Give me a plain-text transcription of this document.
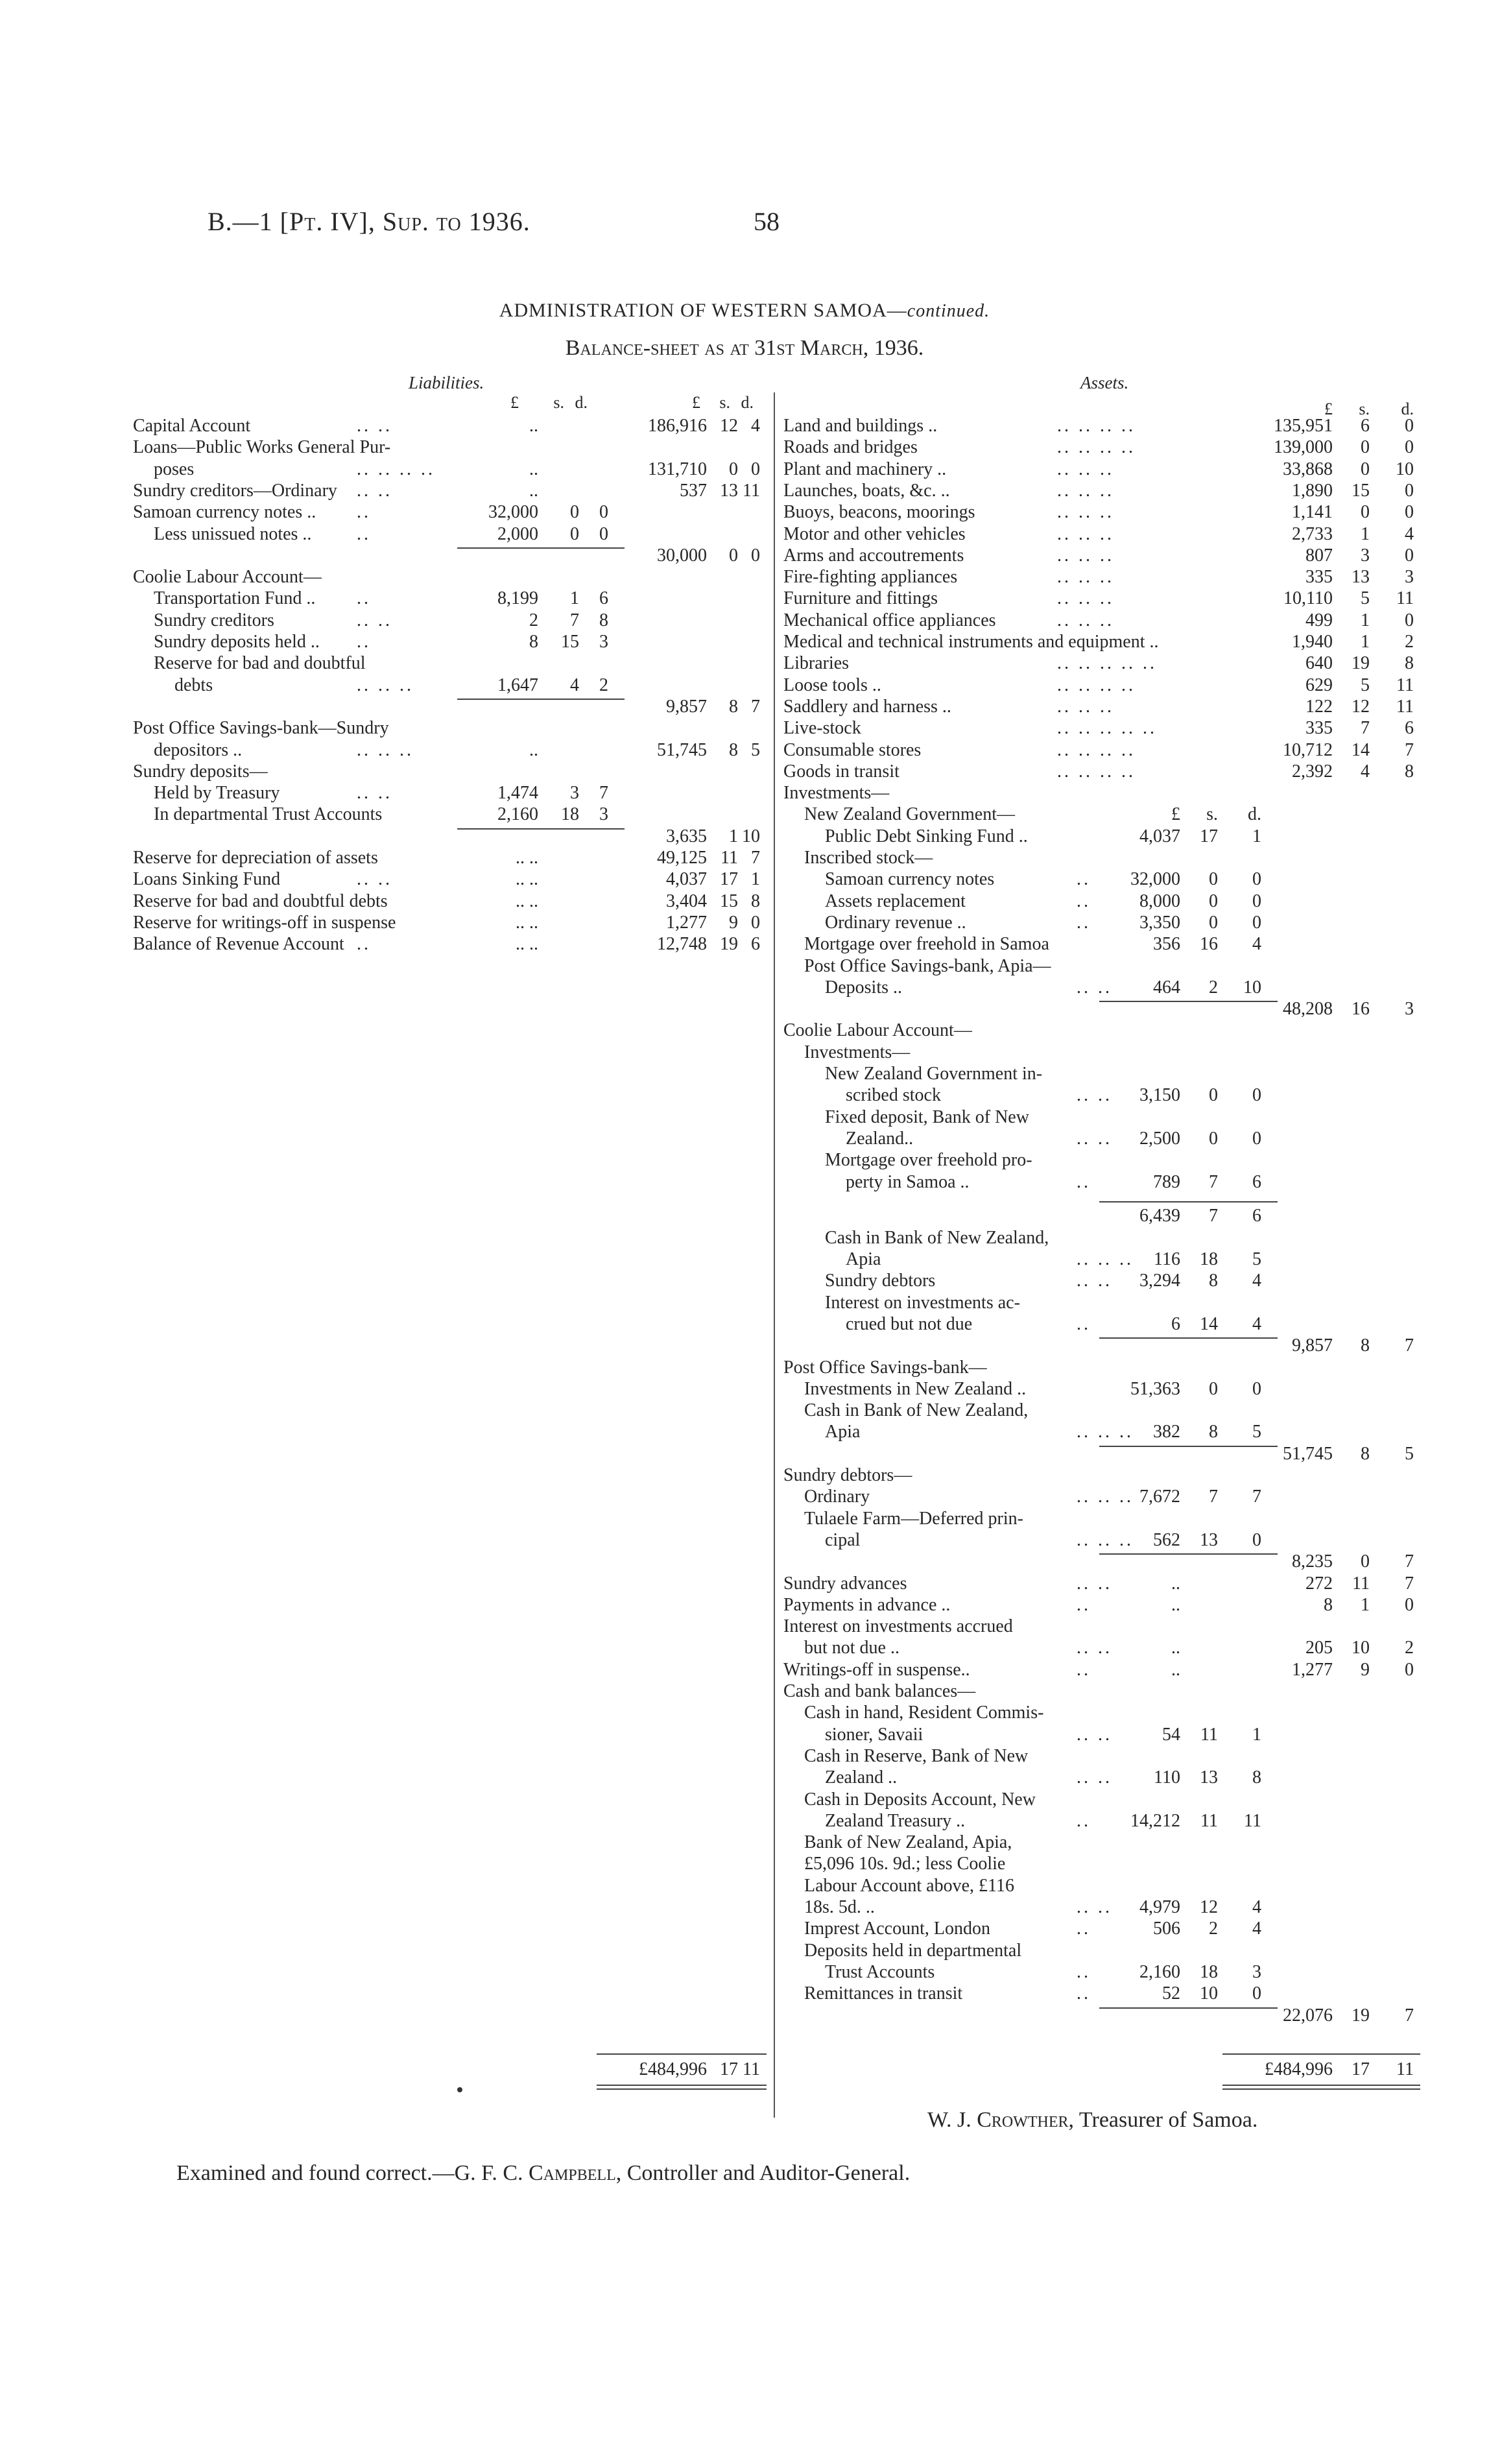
B.—1 [Pt. IV], Sup. to 1936.	58
ADMINISTRATION OF WESTERN SAMOA—continued.
Balance-sheet as at 31st March, 1936.
Liabilities.	Assets.
£	s. d.	£	s. d.	£	s.	d.
Capital Account	.. ..	..	186,916 12 4
Loans—Public Works General Pur-
poses	.. .. .. ..	..	131,710	0 0
Sundry creditors—Ordinary .. ..	..	537 13 11
Samoan currency notes .. ..	32,000	0	0
Less unissued notes .. ..	2,000	0	0
30,000	0 0
Coolie Labour Account—
Transportation Fund .. ..	8,199	1	6
Sundry creditors	.. ..	2	7	8
Sundry deposits held .. ..	8	15	3
Reserve for bad and doubtful
debts	.. .. ..	1,647	4	2
9,857	8 7
Post Office Savings-bank—Sundry
depositors ..	.. .. ..	..	51,745	8 5
Sundry deposits—
Held by Treasury	.. ..	1,474	3	7
In departmental Trust Accounts	2,160	18	3
3,635	1 10
Reserve for depreciation of assets	.. ..	49,125 11 7
Loans Sinking Fund	.. ..	.. ..	4,037 17 1
Reserve for bad and doubtful debts	.. ..	3,404 15 8
Reserve for writings-off in suspense	.. ..	1,277	9 0
Balance of Revenue Account ..	.. ..	12,748 19 6
Land and buildings ..	.. .. .. ..	135,951	6	0
Roads and bridges	.. .. .. ..	139,000	0	0
Plant and machinery ..	.. .. ..	33,868	0	10
Launches, boats, &c. ..	.. .. ..	1,890	15	0
Buoys, beacons, moorings	.. .. ..	1,141	0	0
Motor and other vehicles	.. .. ..	2,733	1	4
Arms and accoutrements	.. .. ..	807	3	0
Fire-fighting appliances	.. .. ..	335	13	3
Furniture and fittings	.. .. ..	10,110	5	11
Mechanical office appliances	.. .. ..	499	1	0
Medical and technical instruments and equipment ..	1,940	1	2
Libraries	.. .. .. .. ..	640	19	8
Loose tools ..	.. .. .. ..	629	5	11
Saddlery and harness ..	.. .. ..	122	12	11
Live-stock	.. .. .. .. ..	335	7	6
Consumable stores	.. .. .. ..	10,712	14	7
Goods in transit	.. .. .. ..	2,392	4	8
Investments—
New Zealand Government—	£	s.	d.
Public Debt Sinking Fund ..	4,037	17	1
Inscribed stock—
Samoan currency notes	..	32,000	0	0
Assets replacement	..	8,000	0	0
Ordinary revenue ..	..	3,350	0	0
Mortgage over freehold in Samoa	356	16	4
Post Office Savings-bank, Apia—
Deposits ..	.. ..	464	2	10
48,208	16	3
Coolie Labour Account—
Investments—
New Zealand Government in-
scribed stock	.. ..	3,150	0	0
Fixed deposit, Bank of New
Zealand..	.. ..	2,500	0	0
Mortgage over freehold pro-
perty in Samoa ..	..	789	7	6
6,439	7	6
Cash in Bank of New Zealand,
Apia	.. .. ..	116	18	5
Sundry debtors	.. ..	3,294	8	4
Interest on investments ac-
crued but not due	..	6	14	4
9,857	8	7
Post Office Savings-bank—
Investments in New Zealand ..	51,363	0	0
Cash in Bank of New Zealand,
Apia	.. .. ..	382	8	5
51,745	8	5
Sundry debtors—
Ordinary	.. .. .. 7,672	7	7
Tulaele Farm—Deferred prin-
cipal	.. .. ..	562	13	0
8,235	0	7
Sundry advances	.. ..	..	272	11	7
Payments in advance ..	..	..	8	1	0
Interest on investments accrued
but not due ..	.. ..	..	205	10	2
Writings-off in suspense..	..	..	1,277	9	0
Cash and bank balances—
Cash in hand, Resident Commis-
sioner, Savaii	.. ..	54	11	1
Cash in Reserve, Bank of New
Zealand ..	.. ..	110	13	8
Cash in Deposits Account, New
Zealand Treasury ..	..	14,212	11	11
Bank of New Zealand, Apia,
£5,096 10s. 9d.; less Coolie
Labour Account above, £116
18s. 5d. ..	.. ..	4,979	12	4
Imprest Account, London	..	506	2	4
Deposits held in departmental
Trust Accounts	..	2,160	18	3
Remittances in transit	..	52	10	0
22,076	19	7
£484,996 17 11	£484,996	17	11
W. J. Crowther, Treasurer of Samoa.
Examined and found correct.—G. F. C. Campbell, Controller and Auditor-General.
